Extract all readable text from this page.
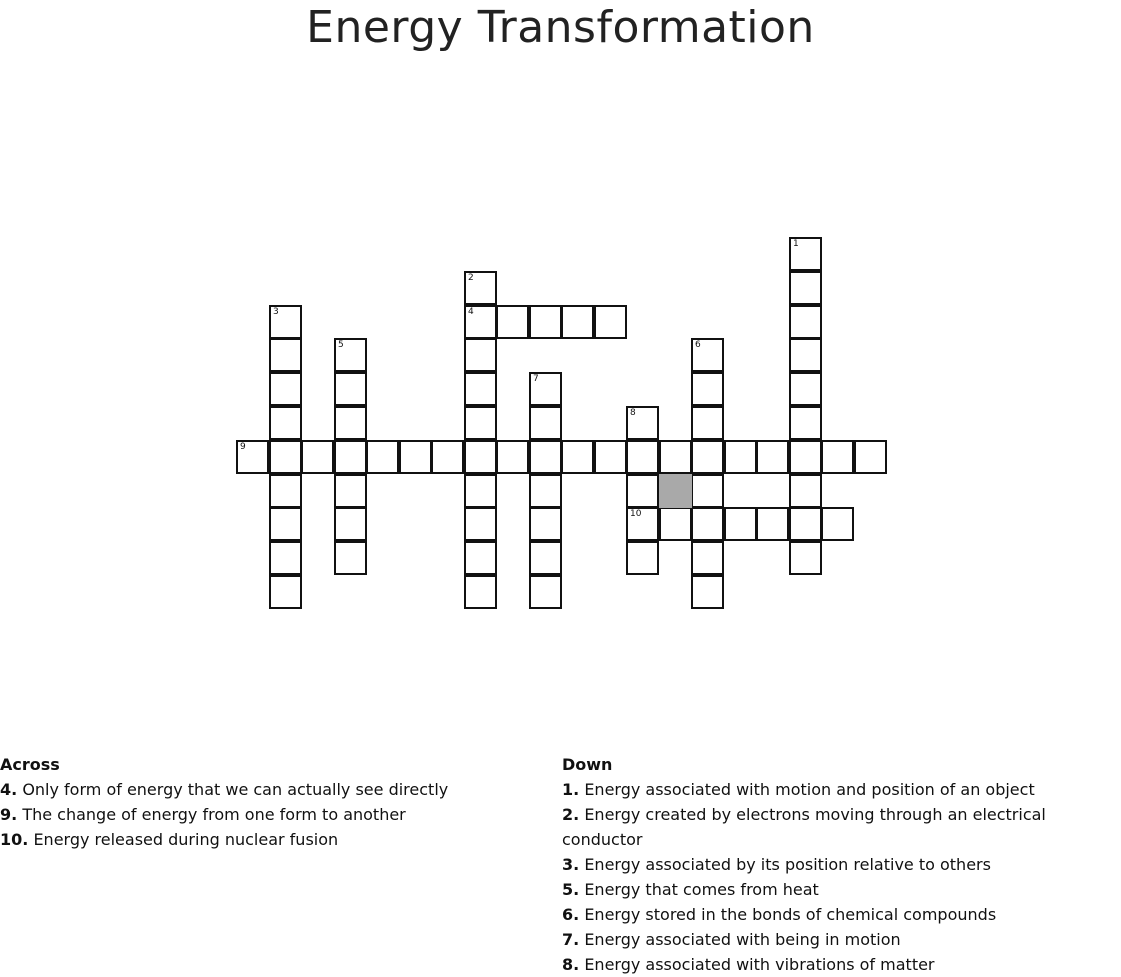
Energy Transformation
1
2
4
3
5	6
7
8
10
9
Across
4. Only form of energy that we can actually see directly
9. The change of energy from one form to another
10. Energy released during nuclear fusion
Down
1. Energy associated with motion and position of an object
2. Energy created by electrons moving through an electrical conductor
3. Energy associated by its position relative to others
5. Energy that comes from heat
6. Energy stored in the bonds of chemical compounds
7. Energy associated with being in motion
8. Energy associated with vibrations of matter
